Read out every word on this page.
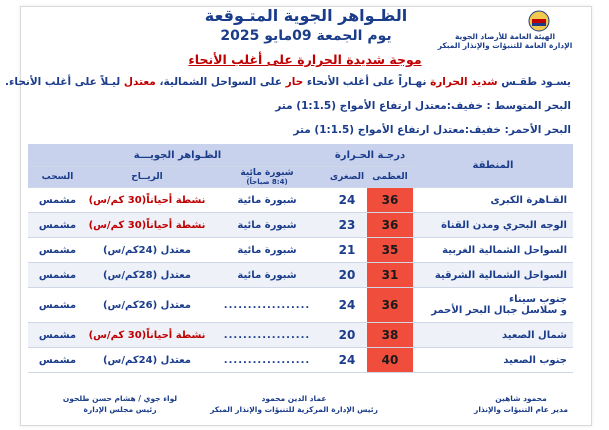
الهيئة العامة للأرصاد الجوية
الإدارة العامة للتنبؤات والإنذار المبكر
الظـواهر الجوية المتـوقعة
يوم الجمعة 09مايو 2025
موجة شديدة الحرارة على أغلب الأنحاء
يسـود طقـس شديد الحرارة نهـاراً على أغلب الأنحاء حار على السواحل الشمالية، معتدل ليـلاً على أغلب الأنحاء.
البحر المتوسط : خفيف:معتدل ارتفاع الأمواج (1:1.5) متر
البحر الأحمر: خفيف:معتدل ارتفاع الأمواج (1:1.5) متر
المنطقة	درجـة الحـرارة		الظـواهر الجويـــة		
	العظمى	الصغرى	شبورة مائية
(8:4 صباحاً)	الريــاح	السحب
القـاهرة الكبرى	36	24	شبورة مائية	نشطة أحياناً(30 كم/س)	مشمس
الوجه البحري ومدن القناة	36	23	شبورة مائية	نشطة أحياناً(30 كم/س)	مشمس
السواحل الشمالية الغربية	35	21	شبورة مائية	معتدل (24كم/س)	مشمس
السواحل الشمالية الشرقية	31	20	شبورة مائية	معتدل (28كم/س)	مشمس
جنوب سيناء
و سلاسل جبال البحر الأحمر	36	24	..................	معتدل (26كم/س)	مشمس
شمال الصعيد	38	20	..................	نشطة أحياناً(30 كم/س)	مشمس
جنوب الصعيد	40	24	..................	معتدل (24كم/س)	مشمس
محمود شاهين
مدير عام التنبؤات والإنذار
عماد الدين محمود
رئيس الإدارة المركزية للتنبؤات والإنذار المبكر
لواء جوي / هشام حسن طلحون
رئيس مجلس الإدارة
